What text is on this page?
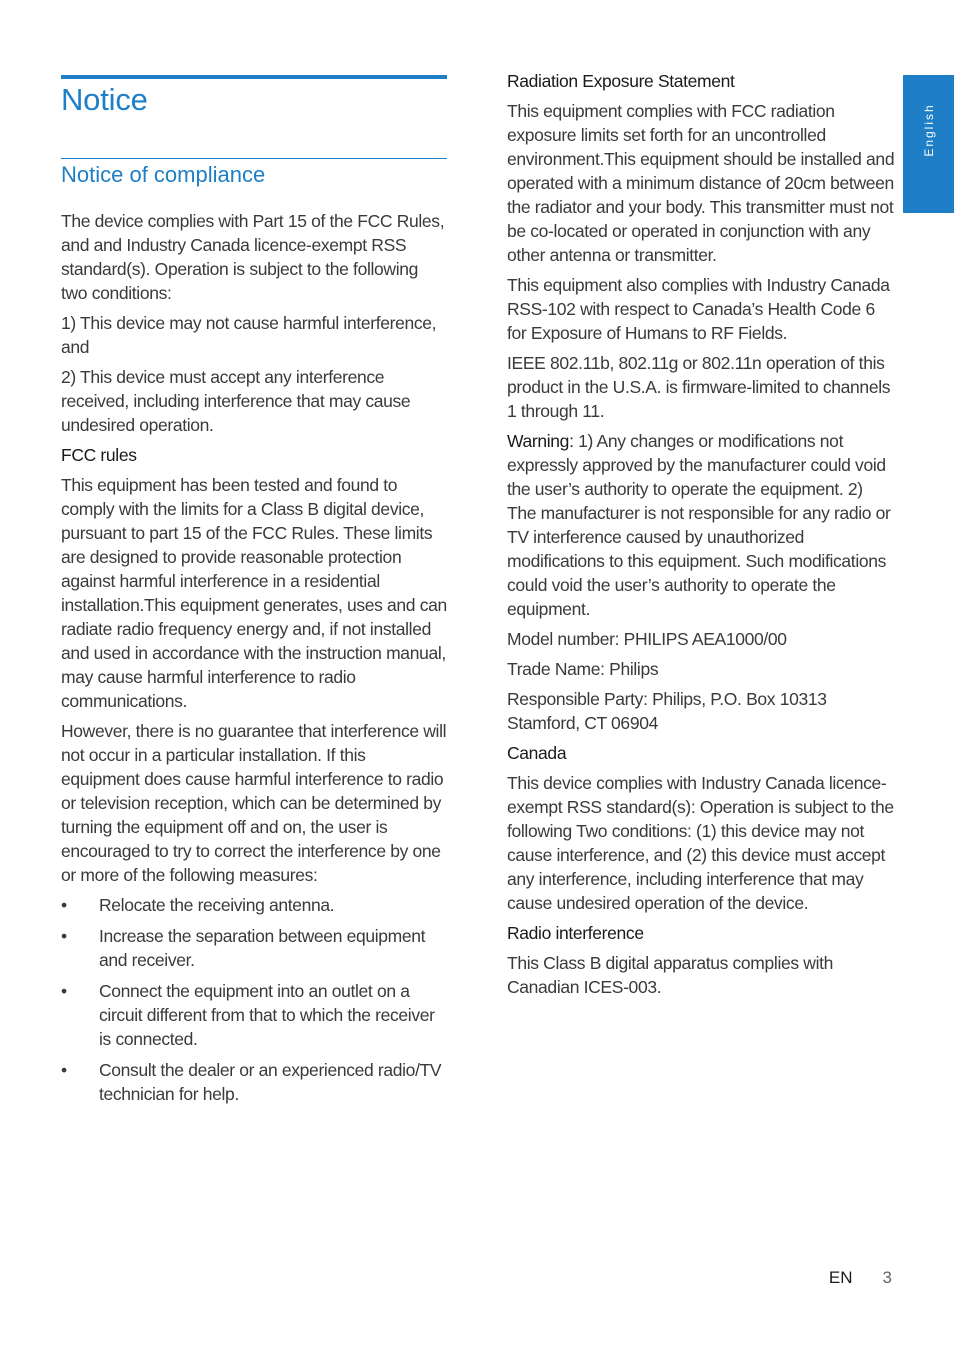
English
Notice
Notice of compliance

The device complies with Part 15 of the FCC Rules, and and Industry Canada licence-exempt RSS standard(s). Operation is subject to the following two conditions:

1) This device may not cause harmful interference, and

2) This device must accept any interference received, including interference that may cause undesired operation.

FCC rules

This equipment has been tested and found to comply with the limits for a Class B digital device, pursuant to part 15 of the FCC Rules. These limits are designed to provide reasonable protection against harmful interference in a residential installation.This equipment generates, uses and can radiate radio frequency energy and, if not installed and used in accordance with the instruction manual, may cause harmful interference to radio communications.

However, there is no guarantee that interference will not occur in a particular installation. If this equipment does cause harmful interference to radio or television reception, which can be determined by turning the equipment off and on, the user is encouraged to try to correct the interference by one or more of the following measures:

• Relocate the receiving antenna.
• Increase the separation between equipment and receiver.
• Connect the equipment into an outlet on a circuit different from that to which the receiver is connected.
• Consult the dealer or an experienced radio/TV technician for help.

Radiation Exposure Statement

This equipment complies with FCC radiation exposure limits set forth for an uncontrolled environment.This equipment should be installed and operated with a minimum distance of 20cm between the radiator and your body. This transmitter must not be co-located or operated in conjunction with any other antenna or transmitter.

This equipment also complies with Industry Canada RSS-102 with respect to Canada’s Health Code 6 for Exposure of Humans to RF Fields.

IEEE 802.11b, 802.11g or 802.11n operation of this product in the U.S.A. is firmware-limited to channels 1 through 11.

Warning: 1) Any changes or modifications not expressly approved by the manufacturer could void the user’s authority to operate the equipment. 2) The manufacturer is not responsible for any radio or TV interference caused by unauthorized modifications to this equipment. Such modifications could void the user’s authority to operate the equipment.

Model number: PHILIPS AEA1000/00

Trade Name: Philips

Responsible Party: Philips, P.O. Box 10313 Stamford, CT 06904

Canada

This device complies with Industry Canada licence-exempt RSS standard(s): Operation is subject to the following Two conditions: (1) this device may not cause interference, and (2) this device must accept any interference, including interference that may cause undesired operation of the device.

Radio interference

This Class B digital apparatus complies with Canadian ICES-003.

EN 3
